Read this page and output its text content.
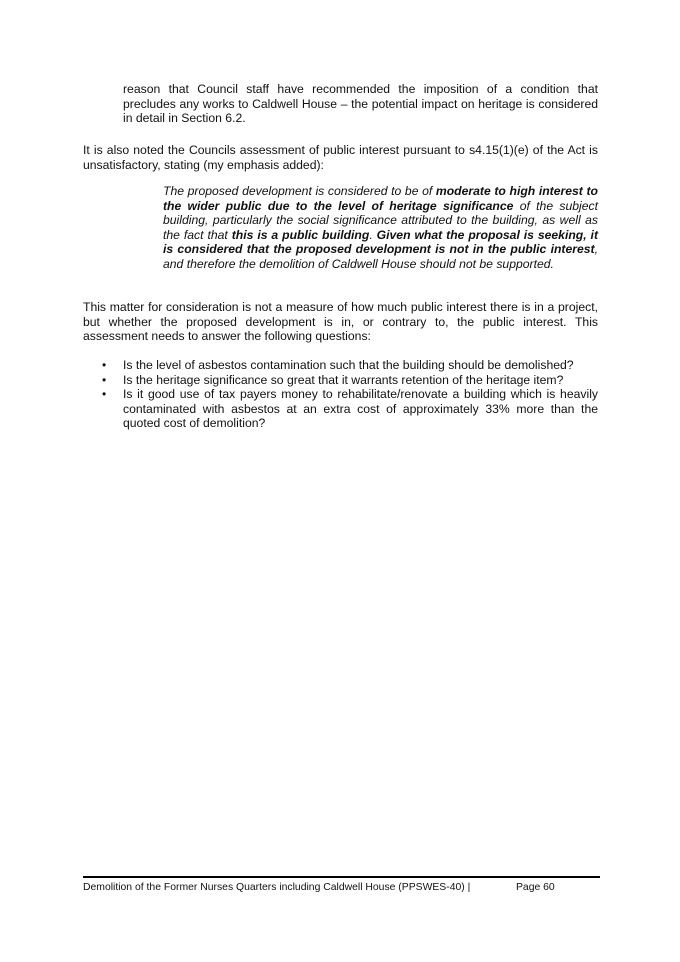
reason that Council staff have recommended the imposition of a condition that precludes any works to Caldwell House – the potential impact on heritage is considered in detail in Section 6.2.

It is also noted the Councils assessment of public interest pursuant to s4.15(1)(e) of the Act is unsatisfactory, stating (my emphasis added):

The proposed development is considered to be of moderate to high interest to the wider public due to the level of heritage significance of the subject building, particularly the social significance attributed to the building, as well as the fact that this is a public building. Given what the proposal is seeking, it is considered that the proposed development is not in the public interest, and therefore the demolition of Caldwell House should not be supported.

This matter for consideration is not a measure of how much public interest there is in a project, but whether the proposed development is in, or contrary to, the public interest. This assessment needs to answer the following questions:

• Is the level of asbestos contamination such that the building should be demolished?
• Is the heritage significance so great that it warrants retention of the heritage item?
• Is it good use of tax payers money to rehabilitate/renovate a building which is heavily contaminated with asbestos at an extra cost of approximately 33% more than the quoted cost of demolition?
Demolition of the Former Nurses Quarters including Caldwell House (PPSWES-40) |	Page 60
